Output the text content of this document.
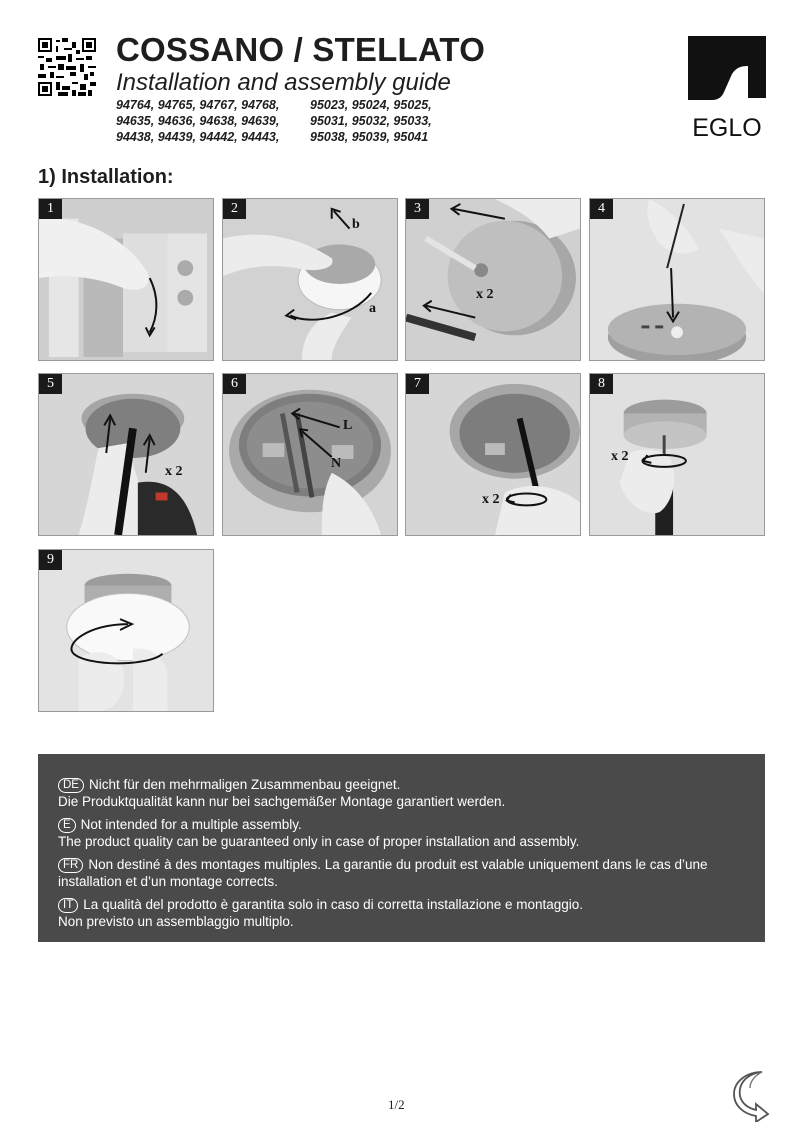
COSSANO / STELLATO
Installation and assembly guide
94764, 94765, 94767, 94768,
94635, 94636, 94638, 94639,
94438, 94439, 94442, 94443,
95023, 95024, 95025,
95031, 95032, 95033,
95038, 95039, 95041	EGLO
1) Installation:
1	2
b
a
3
x 2
4
5
x 2
6
L
N
7
x 2
8
x 2
9

DE Nicht für den mehrmaligen Zusammenbau geeignet.
Die Produktqualität kann nur bei sachgemäßer Montage garantiert werden.

E Not intended for a multiple assembly.
The product quality can be guaranteed only in case of proper installation and assembly.

FR Non destiné à des montages multiples. La garantie du produit est valable uniquement dans le cas d’une
installation et d’un montage corrects.

IT La qualità del prodotto è garantita solo in caso di corretta installazione e montaggio.
Non previsto un assemblaggio multiplo.

1/2
